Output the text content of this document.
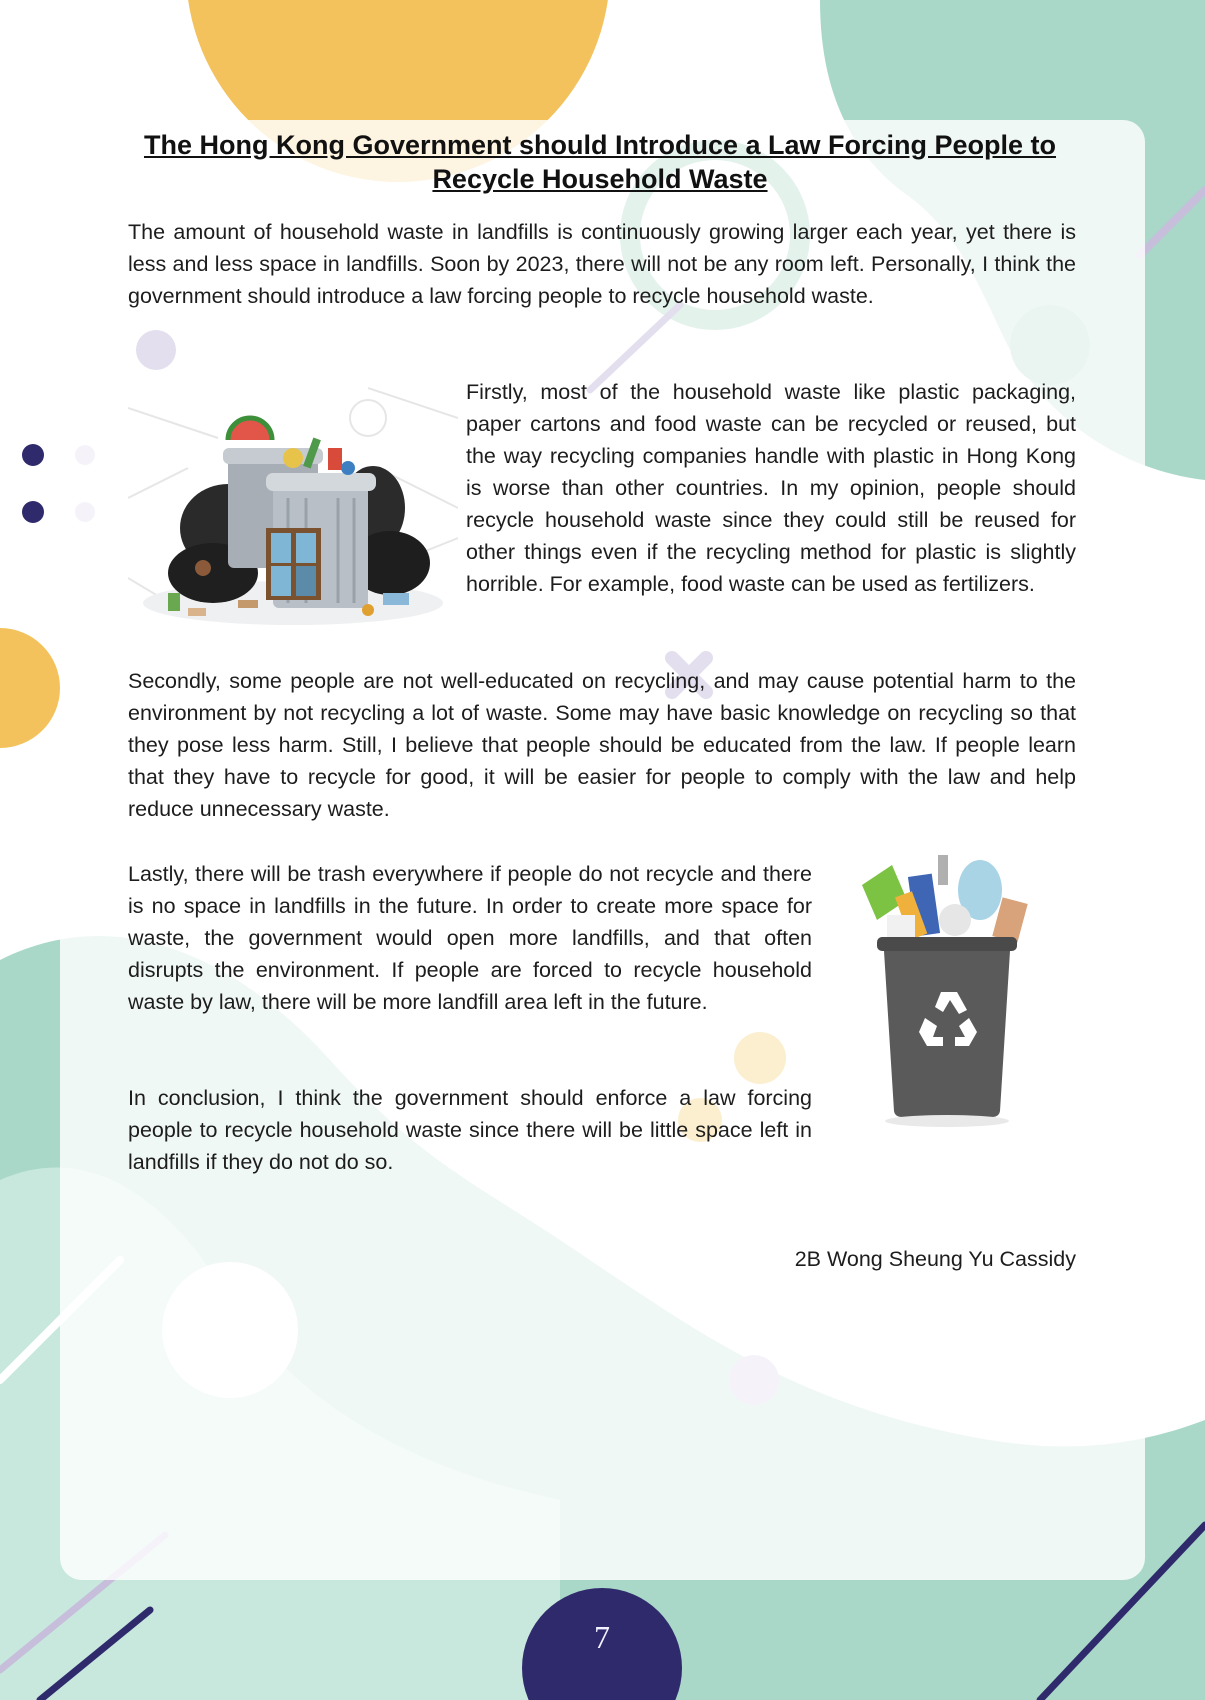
The Hong Kong Government should Introduce a Law Forcing People to Recycle Household Waste

The amount of household waste in landfills is continuously growing larger each year, yet there is less and less space in landfills. Soon by 2023, there will not be any room left. Personally, I think the government should introduce a law forcing people to recycle household waste.

Firstly, most of the household waste like plastic packaging, paper cartons and food waste can be recycled or reused, but the way recycling companies handle with plastic in Hong Kong is worse than other countries. In my opinion, people should recycle household waste since they could still be reused for other things even if the recycling method for plastic is slightly horrible. For example, food waste can be used as fertilizers.

Secondly, some people are not well-educated on recycling, and may cause potential harm to the environment by not recycling a lot of waste. Some may have basic knowledge on recycling so that they pose less harm. Still, I believe that people should be educated from the law. If people learn that they have to recycle for good, it will be easier for people to comply with the law and help reduce unnecessary waste.

Lastly, there will be trash everywhere if people do not recycle and there is no space in landfills in the future. In order to create more space for waste, the government would open more landfills, and that often disrupts the environment. If people are forced to recycle household waste by law, there will be more landfill area left in the future.

In conclusion, I think the government should enforce a law forcing people to recycle household waste since there will be little space left in landfills if they do not do so.

2B Wong Sheung Yu Cassidy
7
